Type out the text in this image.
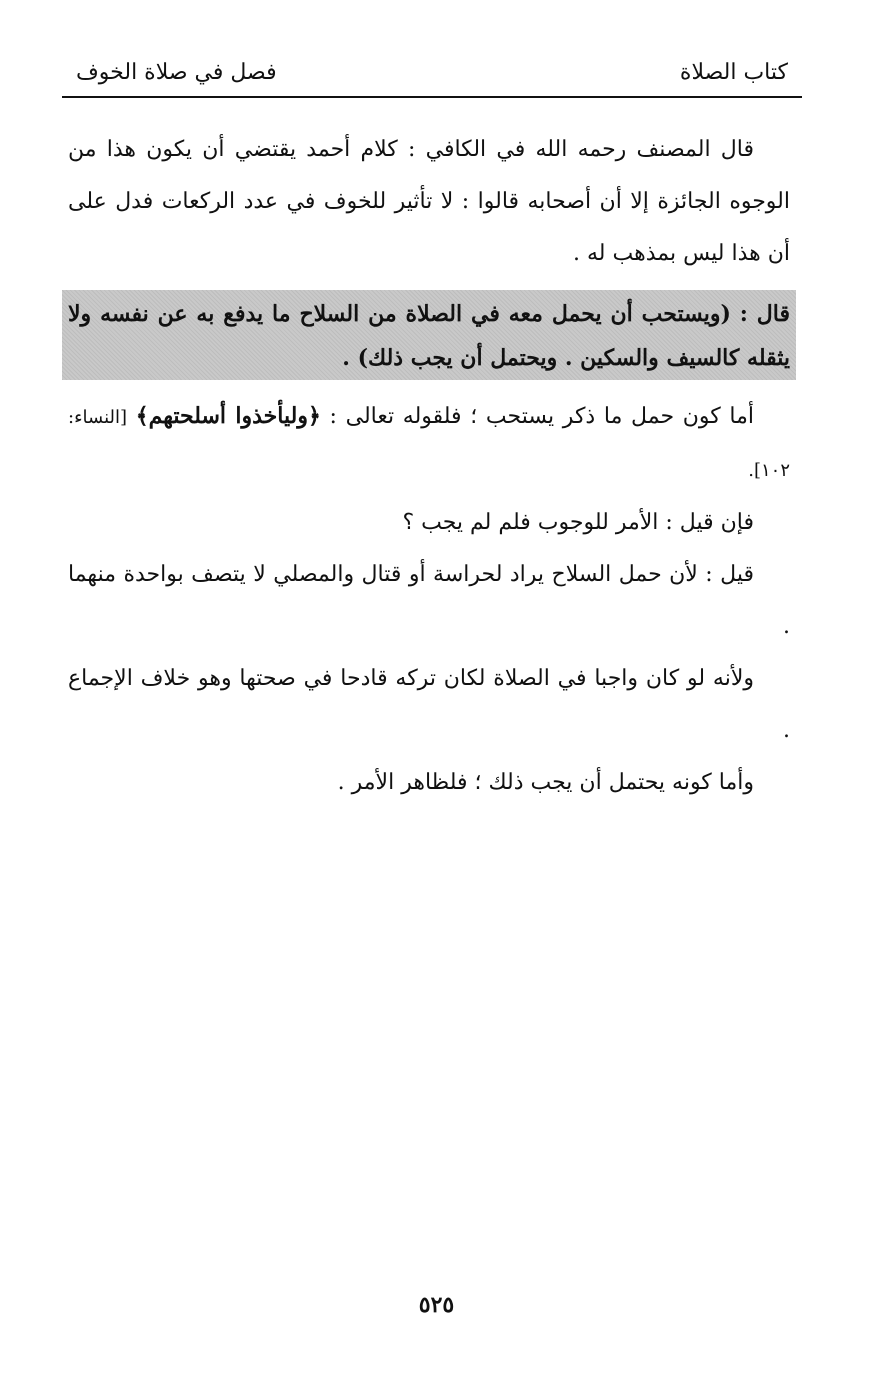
كتاب الصلاة
فصل في صلاة الخوف

قال المصنف رحمه الله في الكافي : كلام أحمد يقتضي أن يكون هذا من الوجوه الجائزة إلا أن أصحابه قالوا : لا تأثير للخوف في عدد الركعات فدل على أن هذا ليس بمذهب له .

قال : (ويستحب أن يحمل معه في الصلاة من السلاح ما يدفع به عن نفسه ولا يثقله كالسيف والسكين . ويحتمل أن يجب ذلك) .

أما كون حمل ما ذكر يستحب ؛ فلقوله تعالى : ﴿وليأخذوا أسلحتهم﴾ [النساء: ١٠٢].

فإن قيل : الأمر للوجوب فلم لم يجب ؟

قيل : لأن حمل السلاح يراد لحراسة أو قتال والمصلي لا يتصف بواحدة منهما .

ولأنه لو كان واجبا في الصلاة لكان تركه قادحا في صحتها وهو خلاف الإجماع .

وأما كونه يحتمل أن يجب ذلك ؛ فلظاهر الأمر .

٥٢٥
